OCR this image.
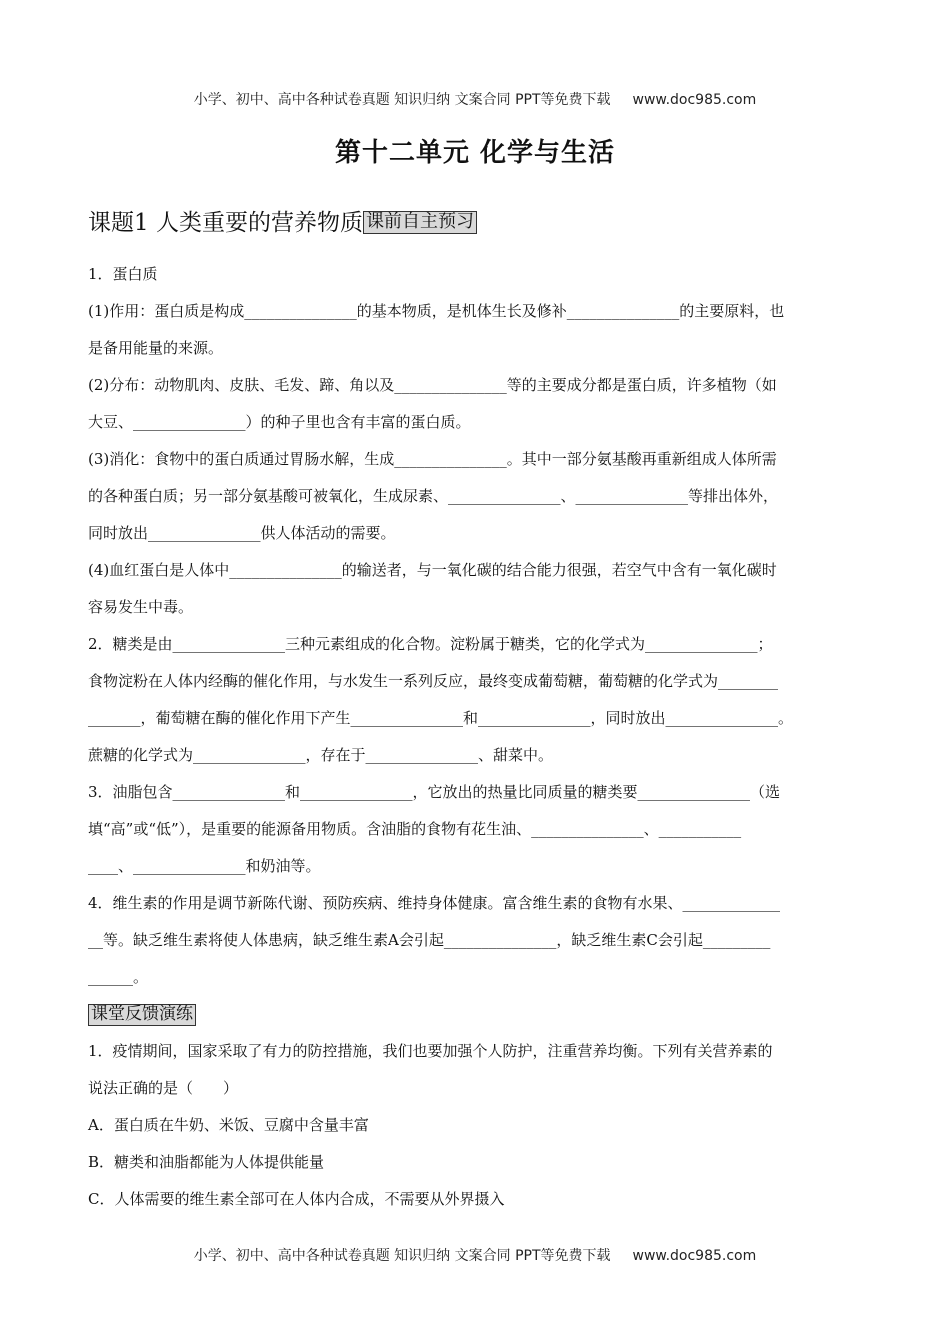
小学、初中、高中各种试卷真题 知识归纳 文案合同 PPT等免费下载 www.doc985.com
第十二单元 化学与生活
课题1 人类重要的营养物质 课前自主预习

1．蛋白质

(1)作用：蛋白质是构成_______________的基本物质，是机体生长及修补_______________的主要原料，也

是备用能量的来源。

(2)分布：动物肌肉、皮肤、毛发、蹄、角以及_______________等的主要成分都是蛋白质，许多植物（如

大豆、_______________）的种子里也含有丰富的蛋白质。

(3)消化：食物中的蛋白质通过胃肠水解，生成_______________。其中一部分氨基酸再重新组成人体所需

的各种蛋白质；另一部分氨基酸可被氧化，生成尿素、_______________、_______________等排出体外，

同时放出_______________供人体活动的需要。

(4)血红蛋白是人体中_______________的输送者，与一氧化碳的结合能力很强，若空气中含有一氧化碳时

容易发生中毒。

2．糖类是由_______________三种元素组成的化合物。淀粉属于糖类，它的化学式为_______________；

食物淀粉在人体内经酶的催化作用，与水发生一系列反应，最终变成葡萄糖，葡萄糖的化学式为________

_______，葡萄糖在酶的催化作用下产生_______________和_______________，同时放出_______________。

蔗糖的化学式为_______________，存在于_______________、甜菜中。

3．油脂包含_______________和_______________，它放出的热量比同质量的糖类要_______________（选

填“高”或“低”），是重要的能源备用物质。含油脂的食物有花生油、_______________、___________

____、_______________和奶油等。

4．维生素的作用是调节新陈代谢、预防疾病、维持身体健康。富含维生素的食物有水果、_____________

__等。缺乏维生素将使人体患病，缺乏维生素A会引起_______________，缺乏维生素C会引起_________

______。

课堂反馈演练

1．疫情期间，国家采取了有力的防控措施，我们也要加强个人防护，注重营养均衡。下列有关营养素的

说法正确的是（　　）

A．蛋白质在牛奶、米饭、豆腐中含量丰富

B．糖类和油脂都能为人体提供能量

C．人体需要的维生素全部可在人体内合成，不需要从外界摄入

小学、初中、高中各种试卷真题 知识归纳 文案合同 PPT等免费下载 www.doc985.com
